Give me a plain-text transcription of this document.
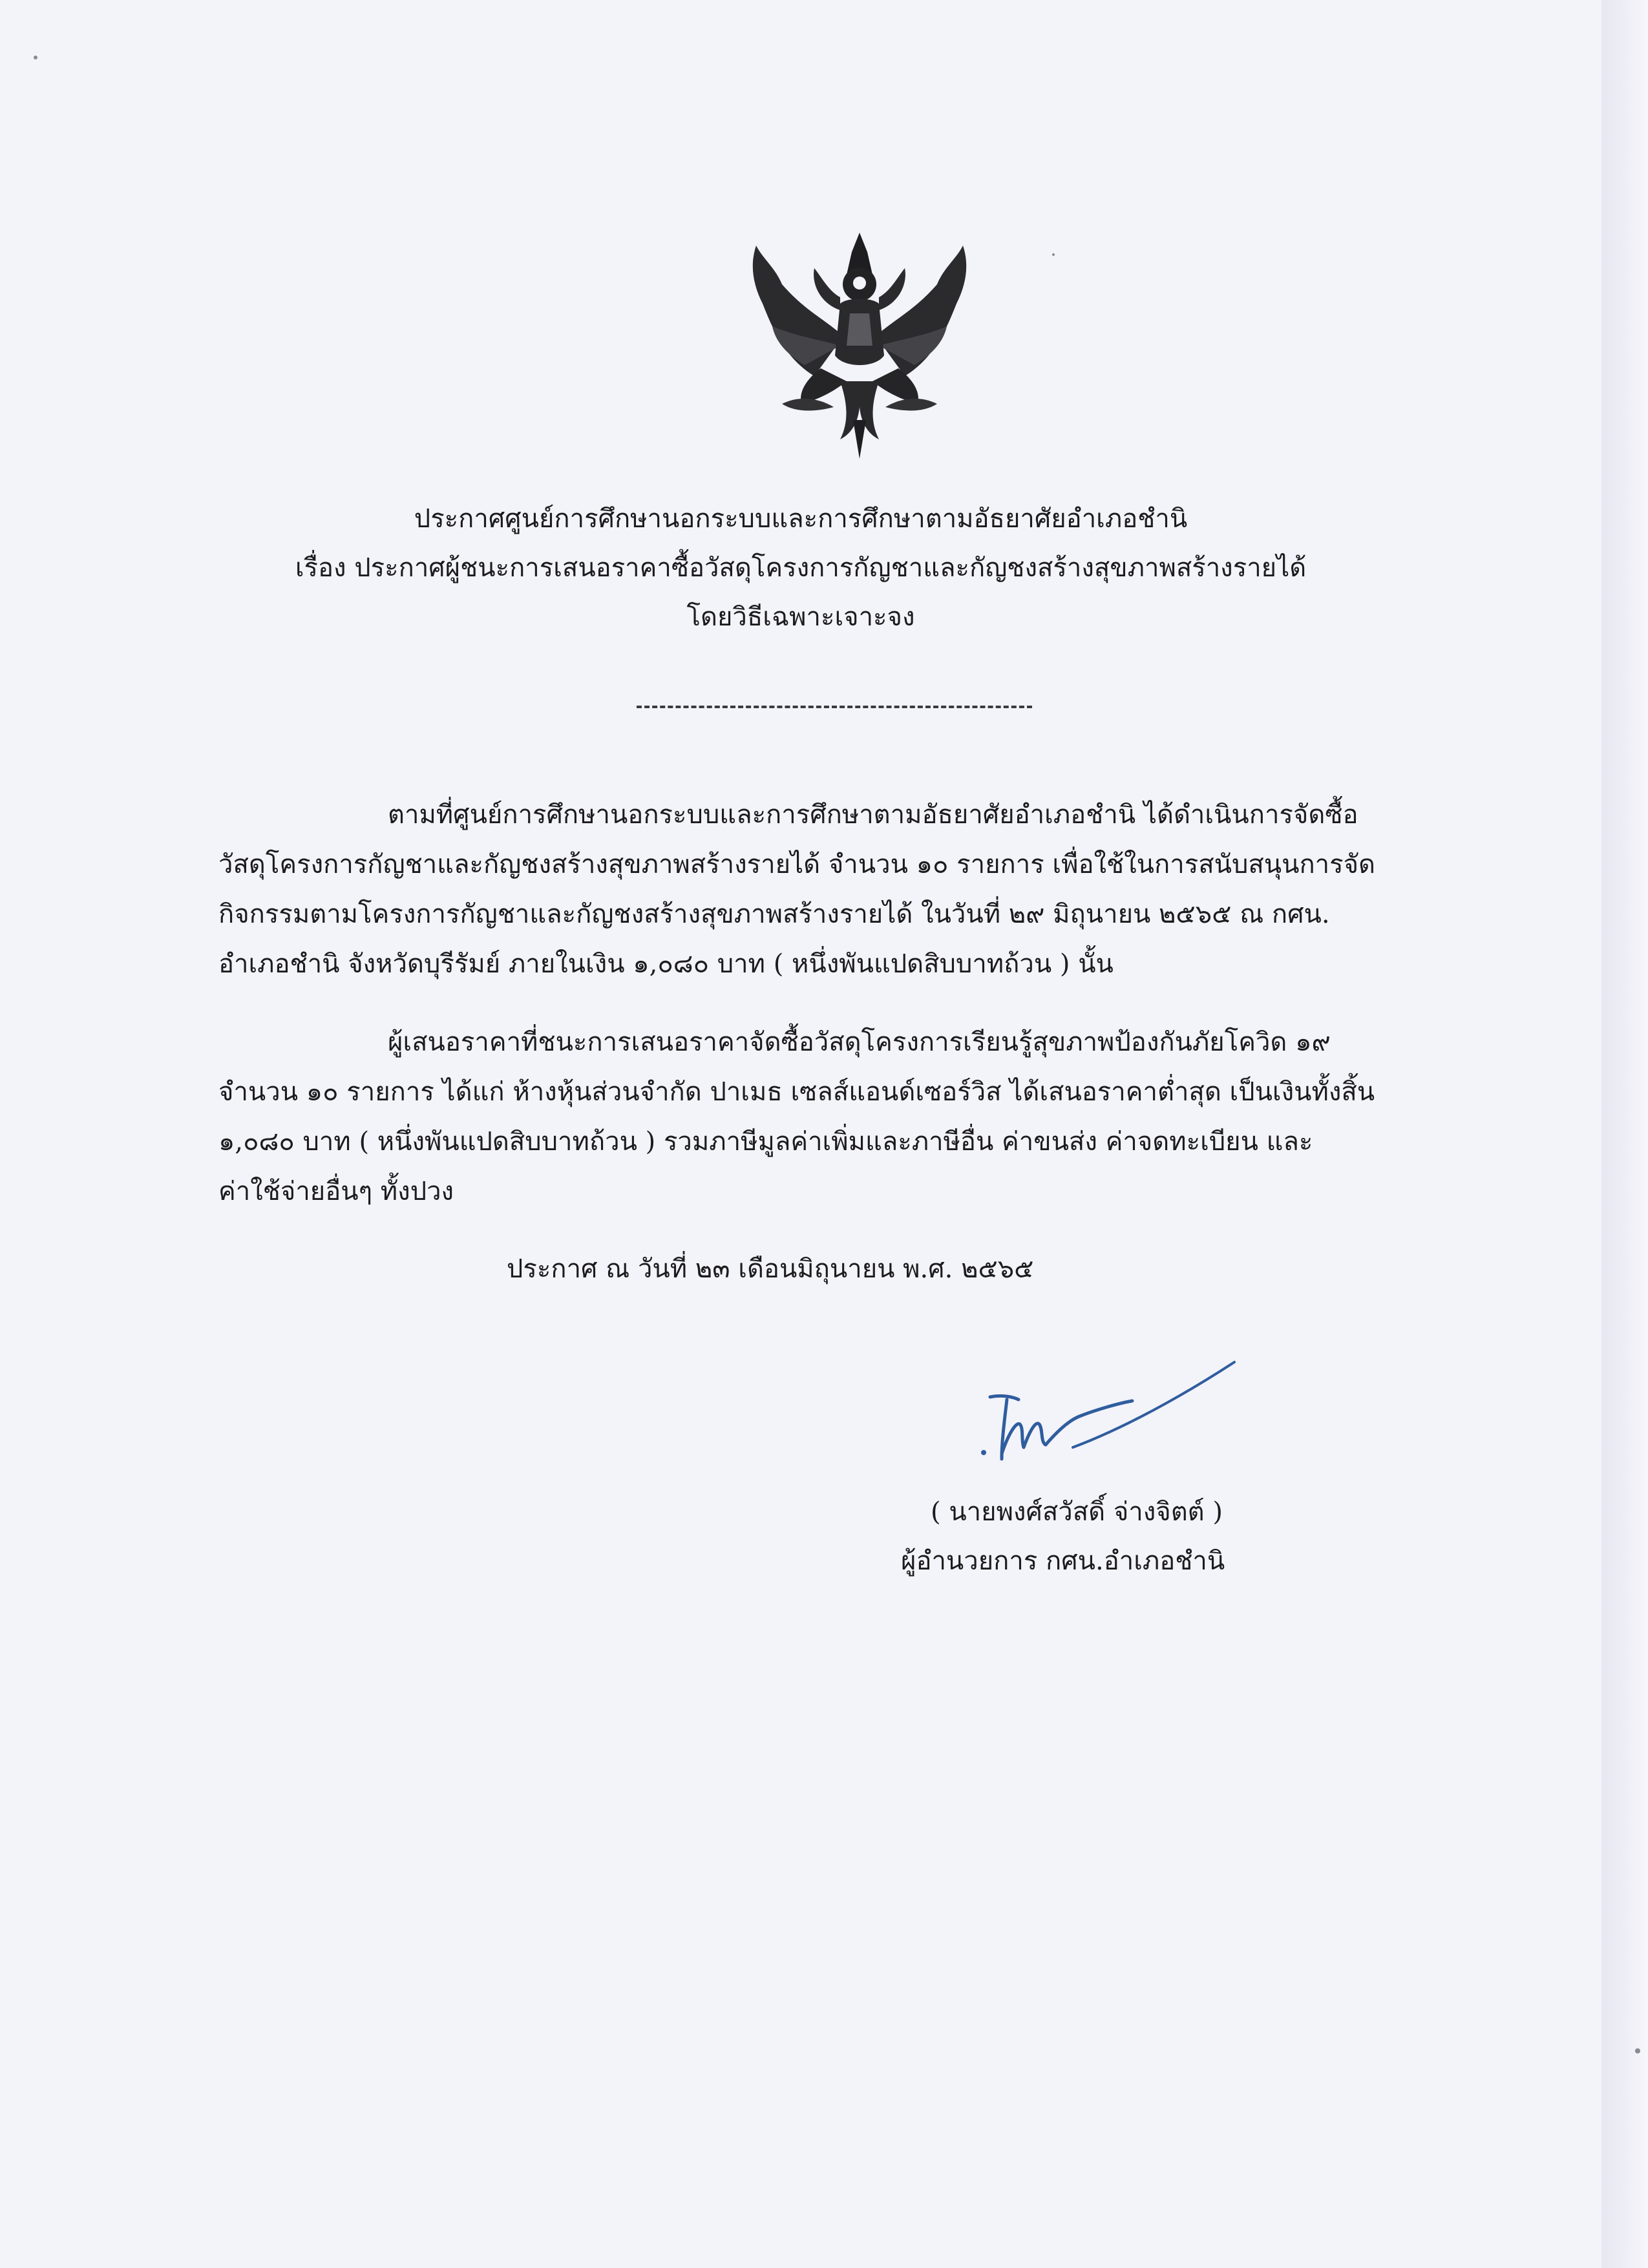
ประกาศศูนย์การศึกษานอกระบบและการศึกษาตามอัธยาศัยอำเภอชำนิ
เรื่อง ประกาศผู้ชนะการเสนอราคาซื้อวัสดุโครงการกัญชาและกัญชงสร้างสุขภาพสร้างรายได้
โดยวิธีเฉพาะเจาะจง
ตามที่ศูนย์การศึกษานอกระบบและการศึกษาตามอัธยาศัยอำเภอชำนิ ได้ดำเนินการจัดซื้อ
วัสดุโครงการกัญชาและกัญชงสร้างสุขภาพสร้างรายได้ จำนวน ๑๐ รายการ เพื่อใช้ในการสนับสนุนการจัด
กิจกรรมตามโครงการกัญชาและกัญชงสร้างสุขภาพสร้างรายได้ ในวันที่ ๒๙ มิถุนายน ๒๕๖๕ ณ กศน.
อำเภอชำนิ จังหวัดบุรีรัมย์ ภายในเงิน ๑,๐๘๐ บาท ( หนึ่งพันแปดสิบบาทถ้วน ) นั้น
ผู้เสนอราคาที่ชนะการเสนอราคาจัดซื้อวัสดุโครงการเรียนรู้สุขภาพป้องกันภัยโควิด ๑๙
จำนวน ๑๐ รายการ ได้แก่ ห้างหุ้นส่วนจำกัด ปาเมธ เซลส์แอนด์เซอร์วิส ได้เสนอราคาต่ำสุด เป็นเงินทั้งสิ้น
๑,๐๘๐ บาท ( หนึ่งพันแปดสิบบาทถ้วน ) รวมภาษีมูลค่าเพิ่มและภาษีอื่น ค่าขนส่ง ค่าจดทะเบียน และ
ค่าใช้จ่ายอื่นๆ ทั้งปวง
ประกาศ ณ วันที่ ๒๓ เดือนมิถุนายน พ.ศ. ๒๕๖๕
( นายพงศ์สวัสดิ์ จ่างจิตต์ )
ผู้อำนวยการ กศน.อำเภอชำนิ
